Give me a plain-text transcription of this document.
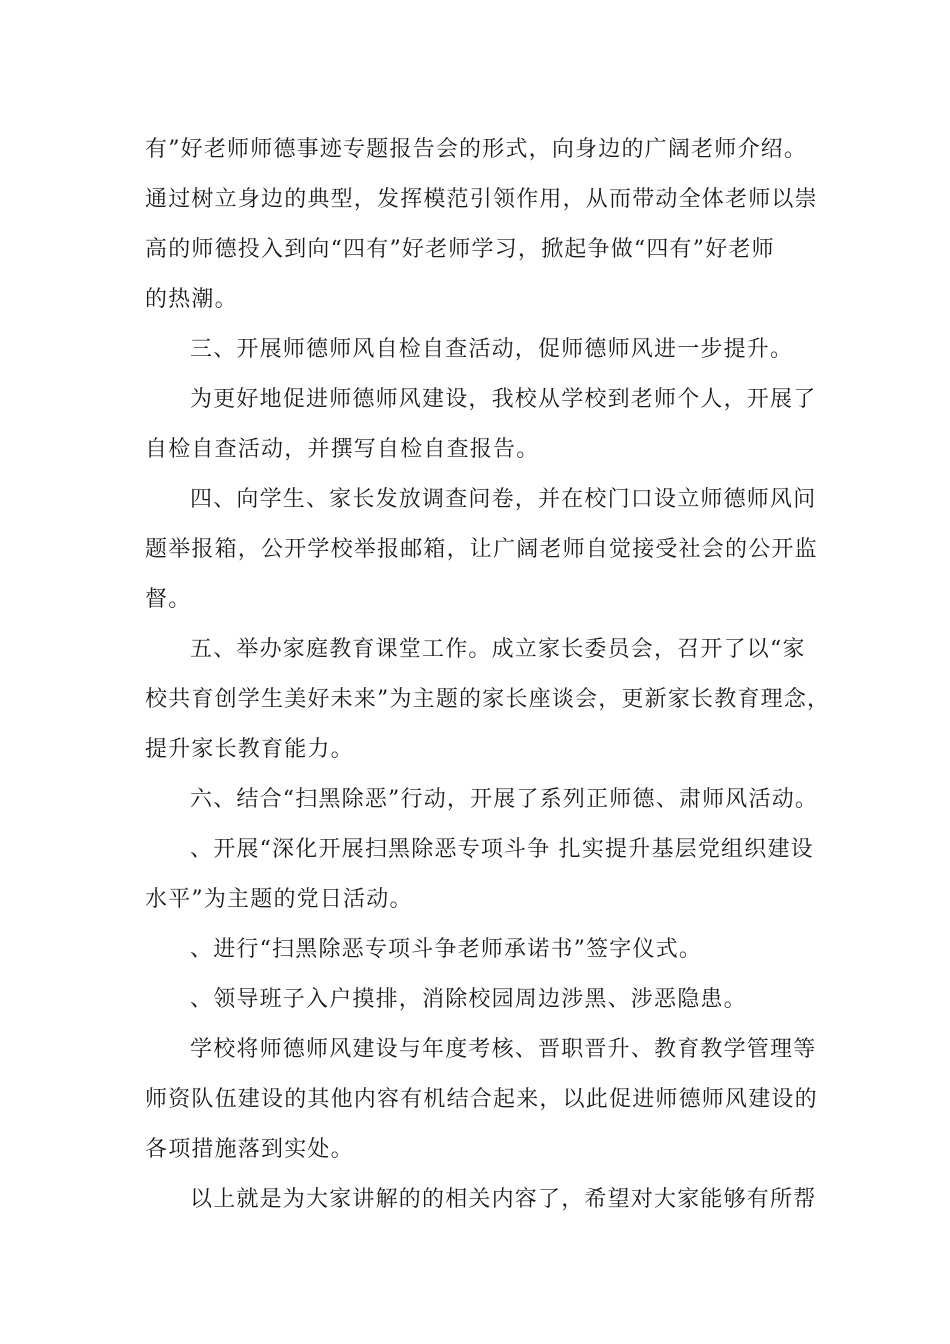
有”好老师师德事迹专题报告会的形式，向身边的广阔老师介绍。
通过树立身边的典型，发挥模范引领作用，从而带动全体老师以崇
高的师德投入到向“四有”好老师学习，掀起争做“四有”好老师
的热潮。
三、开展师德师风自检自查活动，促师德师风进一步提升。
为更好地促进师德师风建设，我校从学校到老师个人，开展了
自检自查活动，并撰写自检自查报告。
四、向学生、家长发放调查问卷，并在校门口设立师德师风问
题举报箱，公开学校举报邮箱，让广阔老师自觉接受社会的公开监
督。
五、举办家庭教育课堂工作。成立家长委员会，召开了以“家
校共育创学生美好未来”为主题的家长座谈会，更新家长教育理念，
提升家长教育能力。
六、结合“扫黑除恶”行动，开展了系列正师德、肃师风活动。
、开展“深化开展扫黑除恶专项斗争 扎实提升基层党组织建设
水平”为主题的党日活动。
、进行“扫黑除恶专项斗争老师承诺书”签字仪式。
、领导班子入户摸排，消除校园周边涉黑、涉恶隐患。
学校将师德师风建设与年度考核、晋职晋升、教育教学管理等
师资队伍建设的其他内容有机结合起来，以此促进师德师风建设的
各项措施落到实处。
以上就是为大家讲解的的相关内容了，希望对大家能够有所帮
